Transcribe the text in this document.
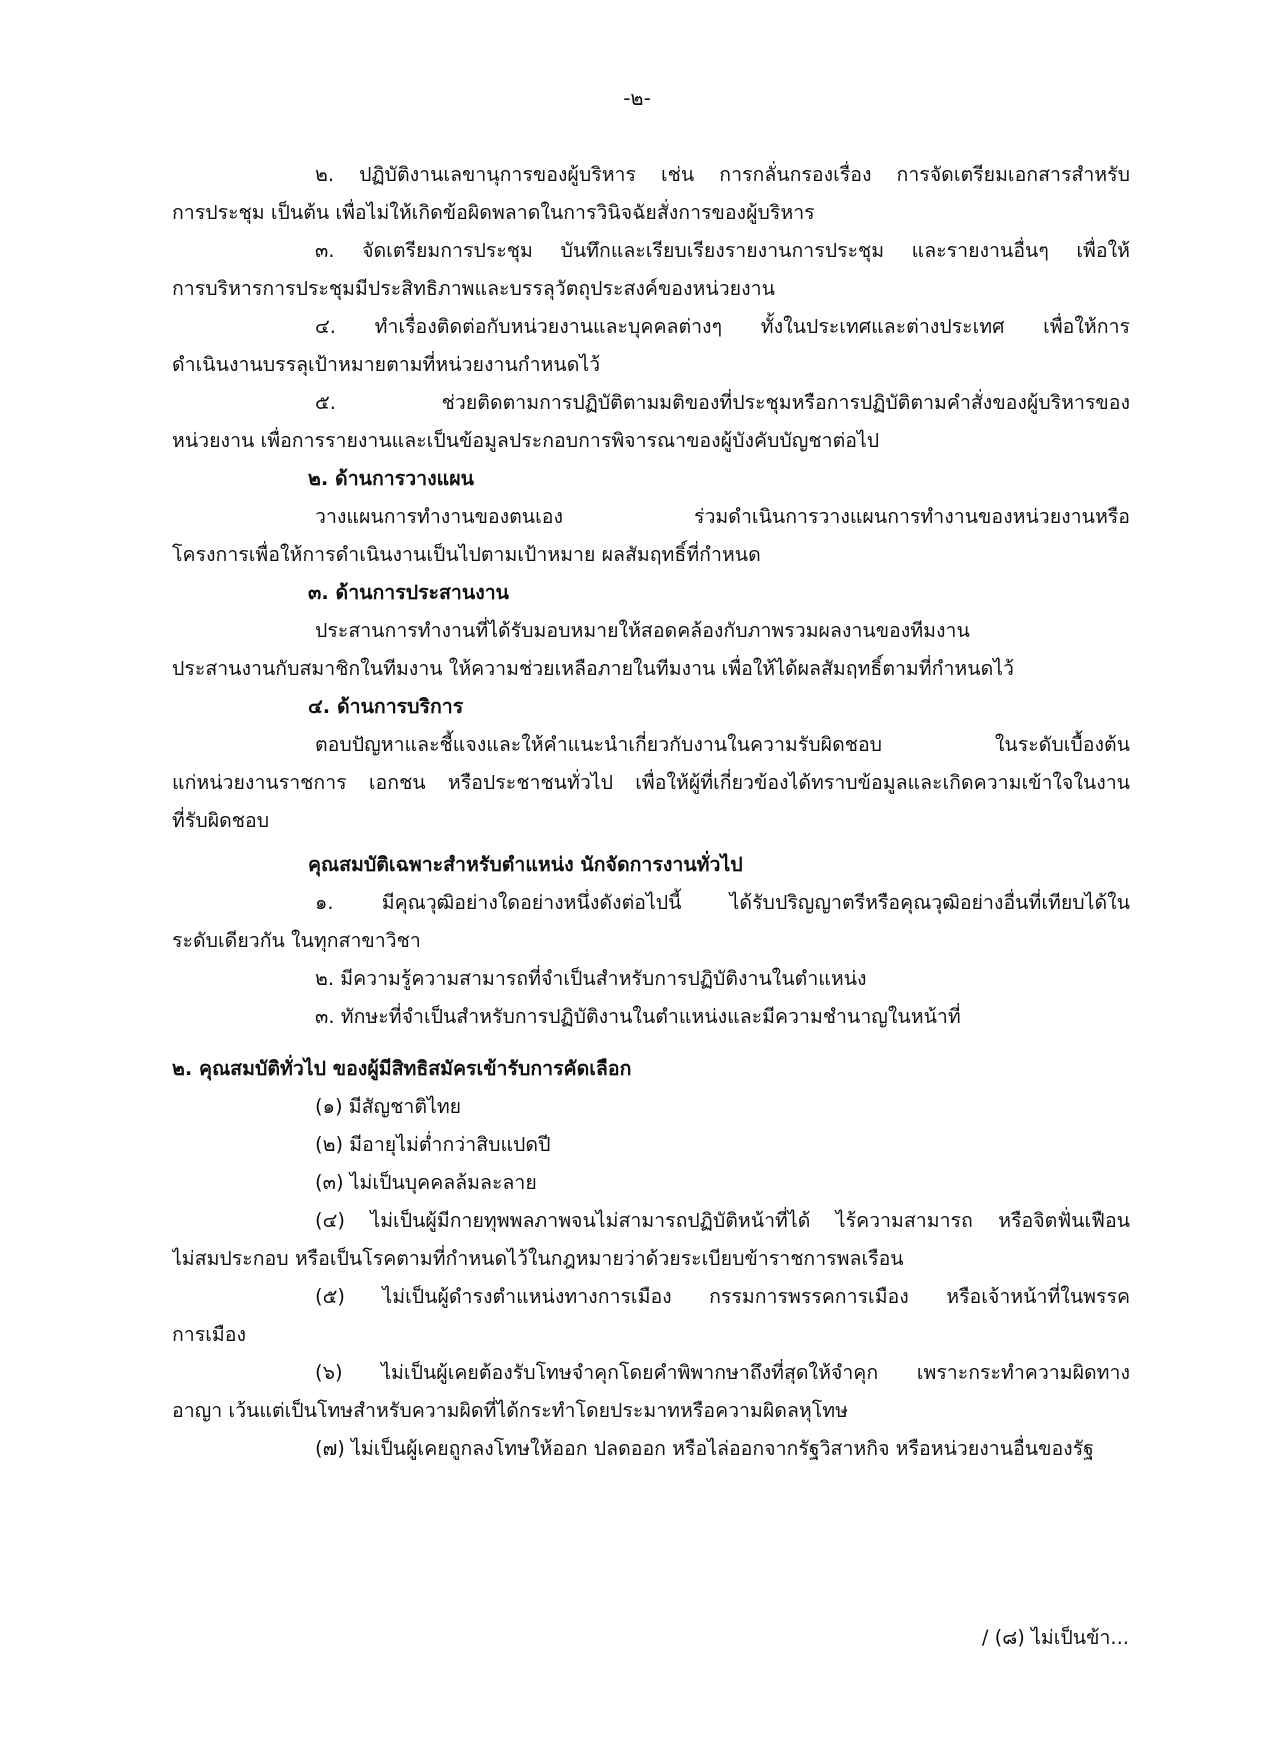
-๒-
๒. ปฏิบัติงานเลขานุการของผู้บริหาร เช่น การกลั่นกรองเรื่อง การจัดเตรียมเอกสารสำหรับ
การประชุม เป็นต้น เพื่อไม่ให้เกิดข้อผิดพลาดในการวินิจฉัยสั่งการของผู้บริหาร
๓. จัดเตรียมการประชุม บันทึกและเรียบเรียงรายงานการประชุม และรายงานอื่นๆ เพื่อให้
การบริหารการประชุมมีประสิทธิภาพและบรรลุวัตถุประสงค์ของหน่วยงาน
๔. ทำเรื่องติดต่อกับหน่วยงานและบุคคลต่างๆ ทั้งในประเทศและต่างประเทศ เพื่อให้การ
ดำเนินงานบรรลุเป้าหมายตามที่หน่วยงานกำหนดไว้
๕. ช่วยติดตามการปฏิบัติตามมติของที่ประชุมหรือการปฏิบัติตามคำสั่งของผู้บริหารของ
หน่วยงาน เพื่อการรายงานและเป็นข้อมูลประกอบการพิจารณาของผู้บังคับบัญชาต่อไป
๒. ด้านการวางแผน
วางแผนการทำงานของตนเอง ร่วมดำเนินการวางแผนการทำงานของหน่วยงานหรือ
โครงการเพื่อให้การดำเนินงานเป็นไปตามเป้าหมาย ผลสัมฤทธิ์ที่กำหนด
๓. ด้านการประสานงาน
ประสานการทำงานที่ได้รับมอบหมายให้สอดคล้องกับภาพรวมผลงานของทีมงาน
ประสานงานกับสมาชิกในทีมงาน ให้ความช่วยเหลือภายในทีมงาน เพื่อให้ได้ผลสัมฤทธิ์ตามที่กำหนดไว้
๔. ด้านการบริการ
ตอบปัญหาและชี้แจงและให้คำแนะนำเกี่ยวกับงานในความรับผิดชอบ ในระดับเบื้องต้น
แก่หน่วยงานราชการ เอกชน หรือประชาชนทั่วไป เพื่อให้ผู้ที่เกี่ยวข้องได้ทราบข้อมูลและเกิดความเข้าใจในงาน
ที่รับผิดชอบ
คุณสมบัติเฉพาะสำหรับตำแหน่ง นักจัดการงานทั่วไป
๑. มีคุณวุฒิอย่างใดอย่างหนึ่งดังต่อไปนี้ ได้รับปริญญาตรีหรือคุณวุฒิอย่างอื่นที่เทียบได้ใน
ระดับเดียวกัน ในทุกสาขาวิชา
๒. มีความรู้ความสามารถที่จำเป็นสำหรับการปฏิบัติงานในตำแหน่ง
๓. ทักษะที่จำเป็นสำหรับการปฏิบัติงานในตำแหน่งและมีความชำนาญในหน้าที่
๒. คุณสมบัติทั่วไป ของผู้มีสิทธิสมัครเข้ารับการคัดเลือก
(๑) มีสัญชาติไทย
(๒) มีอายุไม่ต่ำกว่าสิบแปดปี
(๓) ไม่เป็นบุคคลล้มละลาย
(๔) ไม่เป็นผู้มีกายทุพพลภาพจนไม่สามารถปฏิบัติหน้าที่ได้ ไร้ความสามารถ หรือจิตฟั่นเฟือน
ไม่สมประกอบ หรือเป็นโรคตามที่กำหนดไว้ในกฎหมายว่าด้วยระเบียบข้าราชการพลเรือน
(๕) ไม่เป็นผู้ดำรงตำแหน่งทางการเมือง กรรมการพรรคการเมือง หรือเจ้าหน้าที่ในพรรค
การเมือง
(๖) ไม่เป็นผู้เคยต้องรับโทษจำคุกโดยคำพิพากษาถึงที่สุดให้จำคุก เพราะกระทำความผิดทาง
อาญา เว้นแต่เป็นโทษสำหรับความผิดที่ได้กระทำโดยประมาทหรือความผิดลหุโทษ
(๗) ไม่เป็นผู้เคยถูกลงโทษให้ออก ปลดออก หรือไล่ออกจากรัฐวิสาหกิจ หรือหน่วยงานอื่นของรัฐ
/ (๘) ไม่เป็นข้า...
